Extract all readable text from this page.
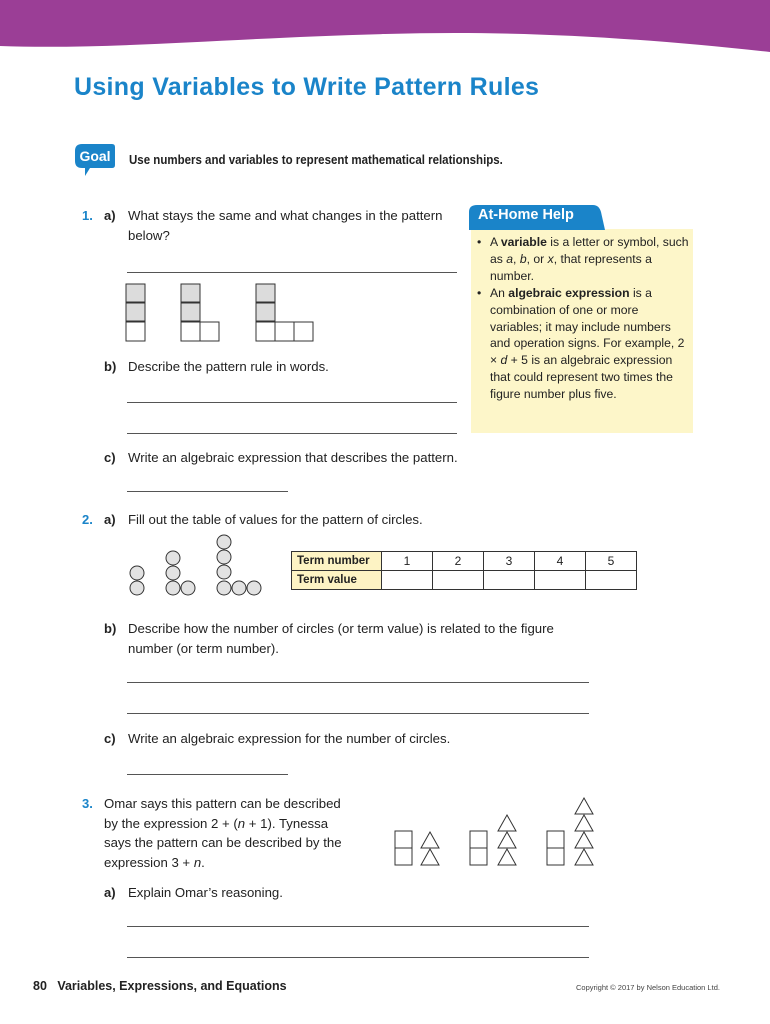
Using Variables to Write Pattern Rules
Goal Use numbers and variables to represent mathematical relationships.
1. a) What stays the same and what changes in the pattern below?
b) Describe the pattern rule in words.
c) Write an algebraic expression that describes the pattern.
At-Home Help
• A variable is a letter or symbol, such as a, b, or x, that represents a number.
• An algebraic expression is a combination of one or more variables; it may include numbers and operation signs. For example, 2 × d + 5 is an algebraic expression that could represent two times the figure number plus five.
2. a) Fill out the table of values for the pattern of circles.
Term number	1	2	3	4	5
Term value					
b) Describe how the number of circles (or term value) is related to the figure number (or term number).
c) Write an algebraic expression for the number of circles.
3. Omar says this pattern can be described
by the expression 2 + (n + 1). Tynessa
says the pattern can be described by the
expression 3 + n.
a) Explain Omar’s reasoning.
80 Variables, Expressions, and Equations	Copyright © 2017 by Nelson Education Ltd.
